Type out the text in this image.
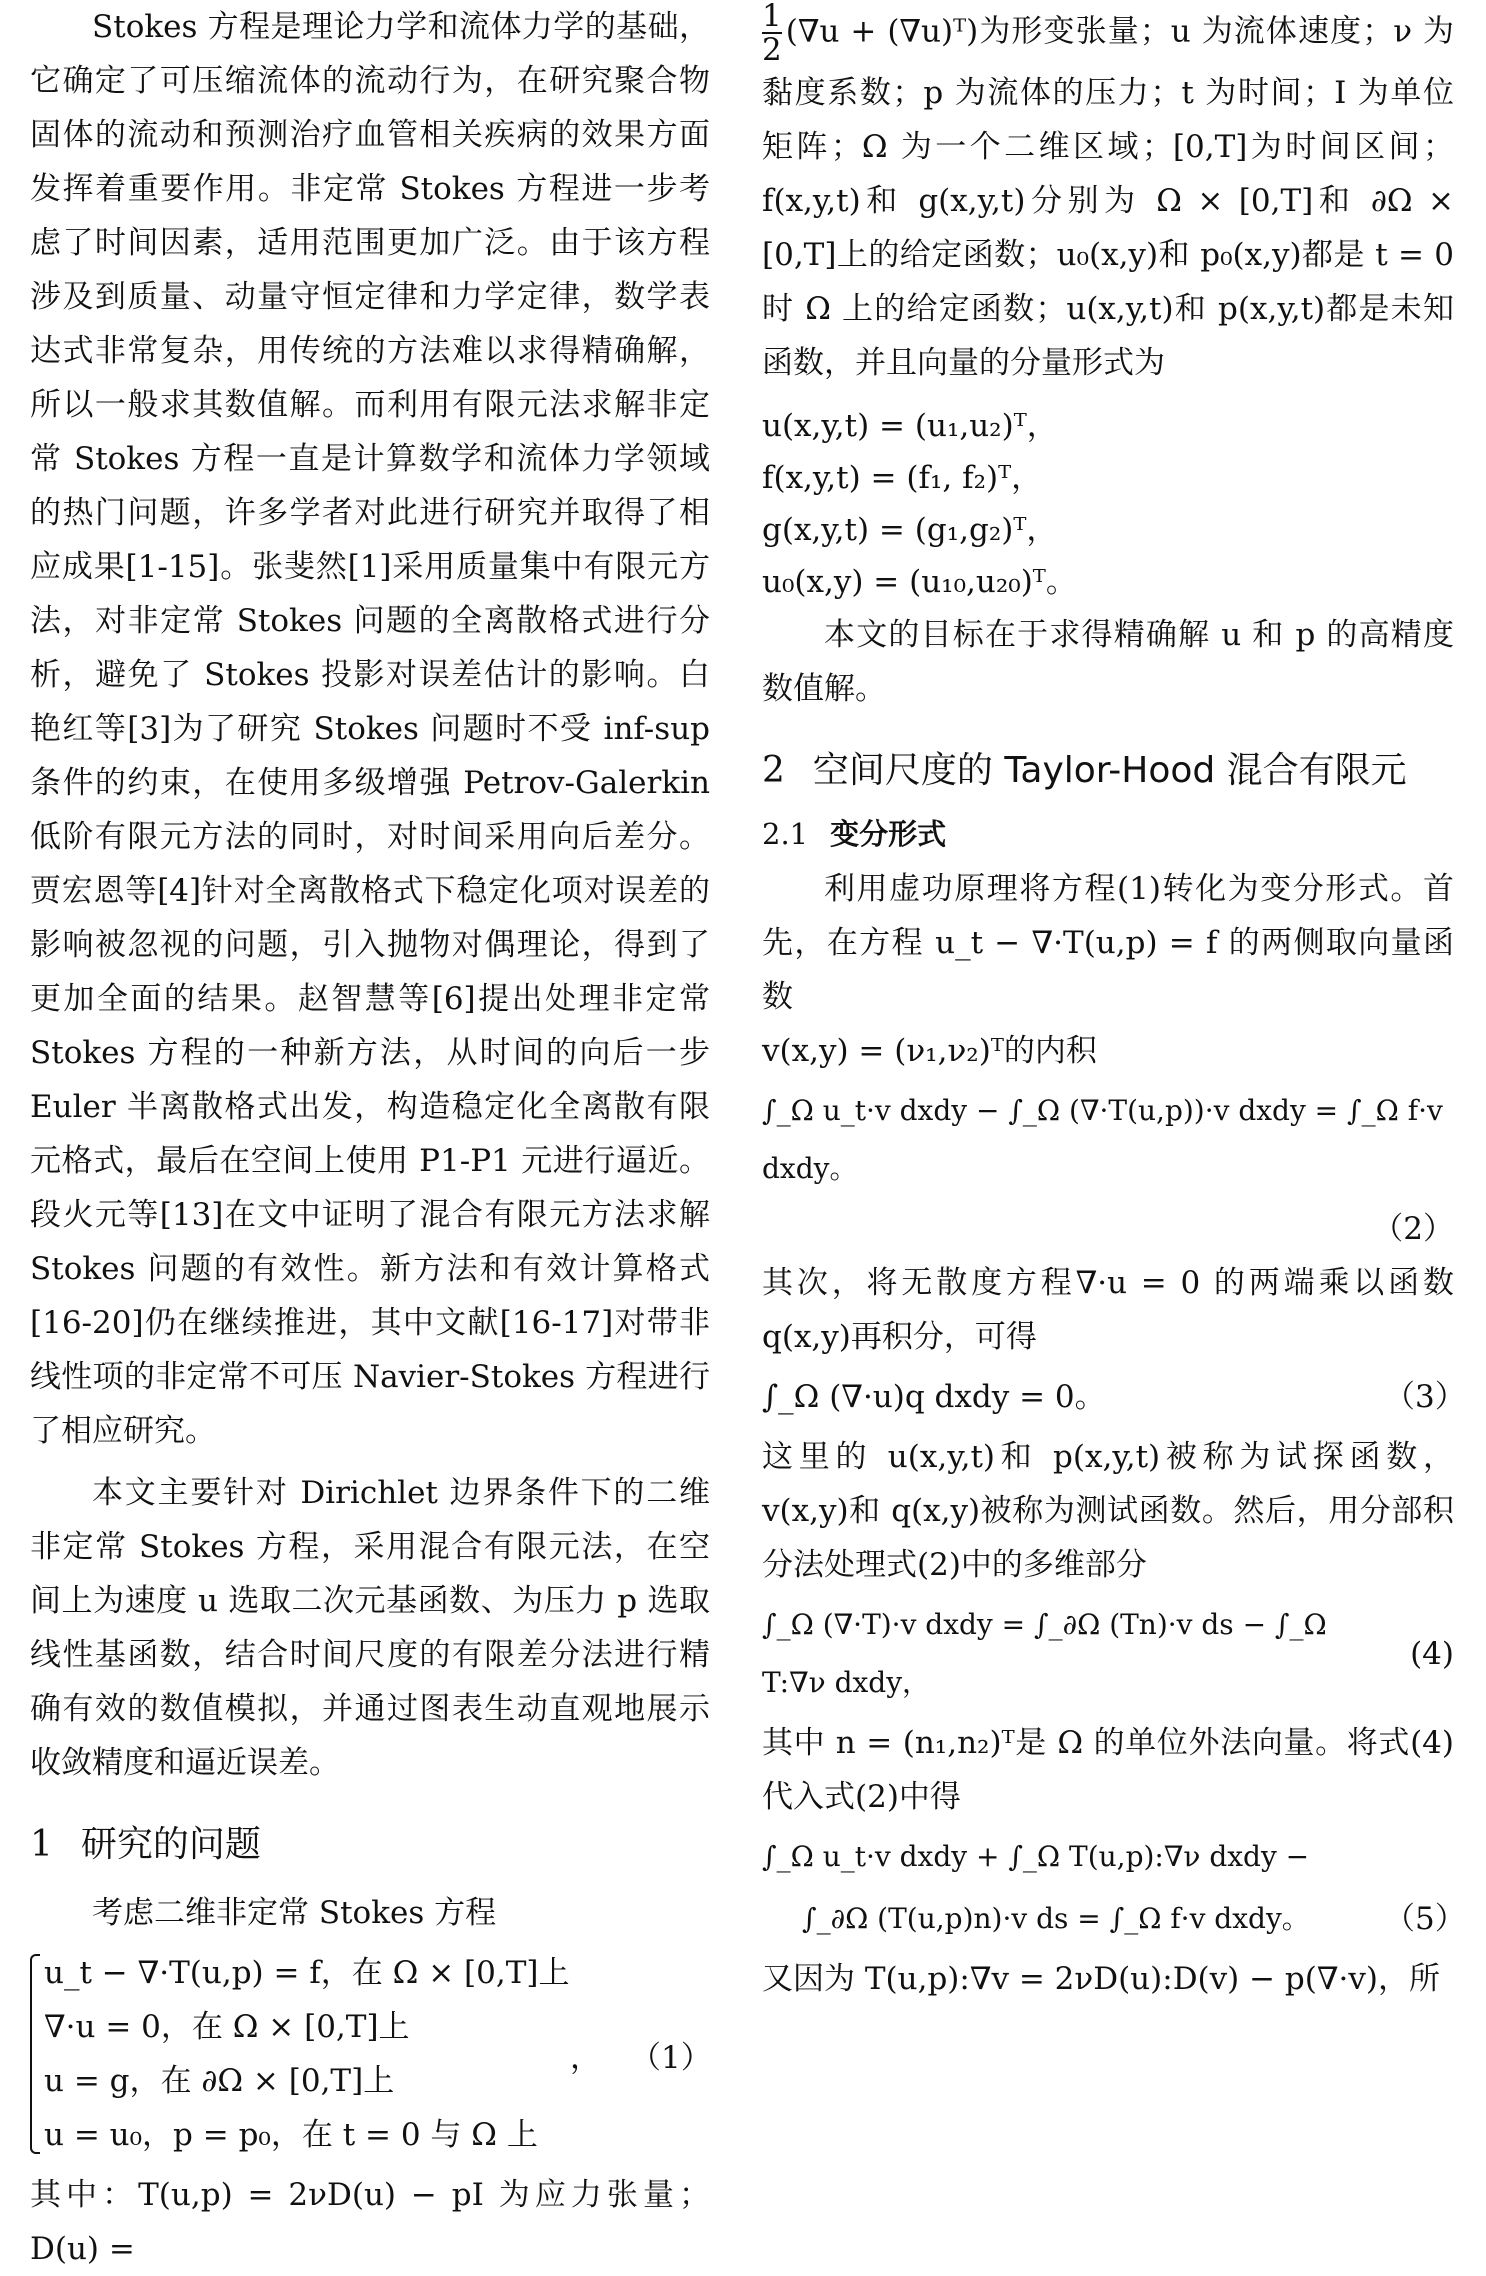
Stokes 方程是理论力学和流体力学的基础，它确定了可压缩流体的流动行为，在研究聚合物固体的流动和预测治疗血管相关疾病的效果方面发挥着重要作用。非定常 Stokes 方程进一步考虑了时间因素，适用范围更加广泛。由于该方程涉及到质量、动量守恒定律和力学定律，数学表达式非常复杂，用传统的方法难以求得精确解，所以一般求其数值解。而利用有限元法求解非定常 Stokes 方程一直是计算数学和流体力学领域的热门问题，许多学者对此进行研究并取得了相应成果[1-15]。张斐然[1]采用质量集中有限元方法，对非定常 Stokes 问题的全离散格式进行分析，避免了 Stokes 投影对误差估计的影响。白艳红等[3]为了研究 Stokes 问题时不受 inf-sup 条件的约束，在使用多级增强 Petrov-Galerkin 低阶有限元方法的同时，对时间采用向后差分。贾宏恩等[4]针对全离散格式下稳定化项对误差的影响被忽视的问题，引入抛物对偶理论，得到了更加全面的结果。赵智慧等[6]提出处理非定常 Stokes 方程的一种新方法，从时间的向后一步 Euler 半离散格式出发，构造稳定化全离散有限元格式，最后在空间上使用 P1-P1 元进行逼近。段火元等[13]在文中证明了混合有限元方法求解 Stokes 问题的有效性。新方法和有效计算格式[16-20]仍在继续推进，其中文献[16-17]对带非线性项的非定常不可压 Navier-Stokes 方程进行了相应研究。

本文主要针对 Dirichlet 边界条件下的二维非定常 Stokes 方程，采用混合有限元法，在空间上为速度 u 选取二次元基函数、为压力 p 选取线性基函数，结合时间尺度的有限差分法进行精确有效的数值模拟，并通过图表生动直观地展示收敛精度和逼近误差。

1 研究的问题

考虑二维非定常 Stokes 方程

u_t − ∇·T(u,p) = f，在 Ω × [0,T]上
∇·u = 0，在 Ω × [0,T]上
u = g，在 ∂Ω × [0,T]上
u = u₀，p = p₀，在 t = 0 与 Ω 上
， （1）

其中：T(u,p) = 2νD(u) − pI 为应力张量；D(u) =

$\frac{1}{2} (\nabla u$ + (∇u)ᵀ)为形变张量；u 为流体速度；ν 为黏度系数；p 为流体的压力；t 为时间；I 为单位矩阵；Ω 为一个二维区域；[0,T]为时间区间；f(x,y,t)和 g(x,y,t)分别为 Ω × [0,T]和 ∂Ω × [0,T]上的给定函数；u₀(x,y)和 p₀(x,y)都是 t = 0 时 Ω 上的给定函数；u(x,y,t)和 p(x,y,t)都是未知函数，并且向量的分量形式为

u(x,y,t) = (u₁,u₂)ᵀ，
f(x,y,t) = (f₁, f₂)ᵀ，
g(x,y,t) = (g₁,g₂)ᵀ，
u₀(x,y) = (u₁₀,u₂₀)ᵀ。

本文的目标在于求得精确解 u 和 p 的高精度数值解。

2 空间尺度的 Taylor-Hood 混合有限元
2.1 变分形式

利用虚功原理将方程(1)转化为变分形式。首先，在方程 u_t − ∇·T(u,p) = f 的两侧取向量函数

v(x,y) = (ν₁,ν₂)ᵀ的内积

∫_Ω u_t·v dxdy − ∫_Ω (∇·T(u,p))·v dxdy = ∫_Ω f·v dxdy。
（2）

其次，将无散度方程∇·u = 0 的两端乘以函数 q(x,y)再积分，可得

∫_Ω (∇·u)q dxdy = 0。	（3）

这里的 u(x,y,t)和 p(x,y,t)被称为试探函数，v(x,y)和 q(x,y)被称为测试函数。然后，用分部积分法处理式(2)中的多维部分

∫_Ω (∇·T)·v dxdy = ∫_∂Ω (Tn)·v ds − ∫_Ω T:∇ν dxdy，
(4)

其中 n = (n₁,n₂)ᵀ是 Ω 的单位外法向量。将式(4)代入式(2)中得

∫_Ω u_t·v dxdy + ∫_Ω T(u,p):∇ν dxdy −
∫_∂Ω (T(u,p)n)·v ds = ∫_Ω f·v dxdy。	（5）

又因为 T(u,p):∇v = 2νD(u):D(v) − p(∇·v)，所
